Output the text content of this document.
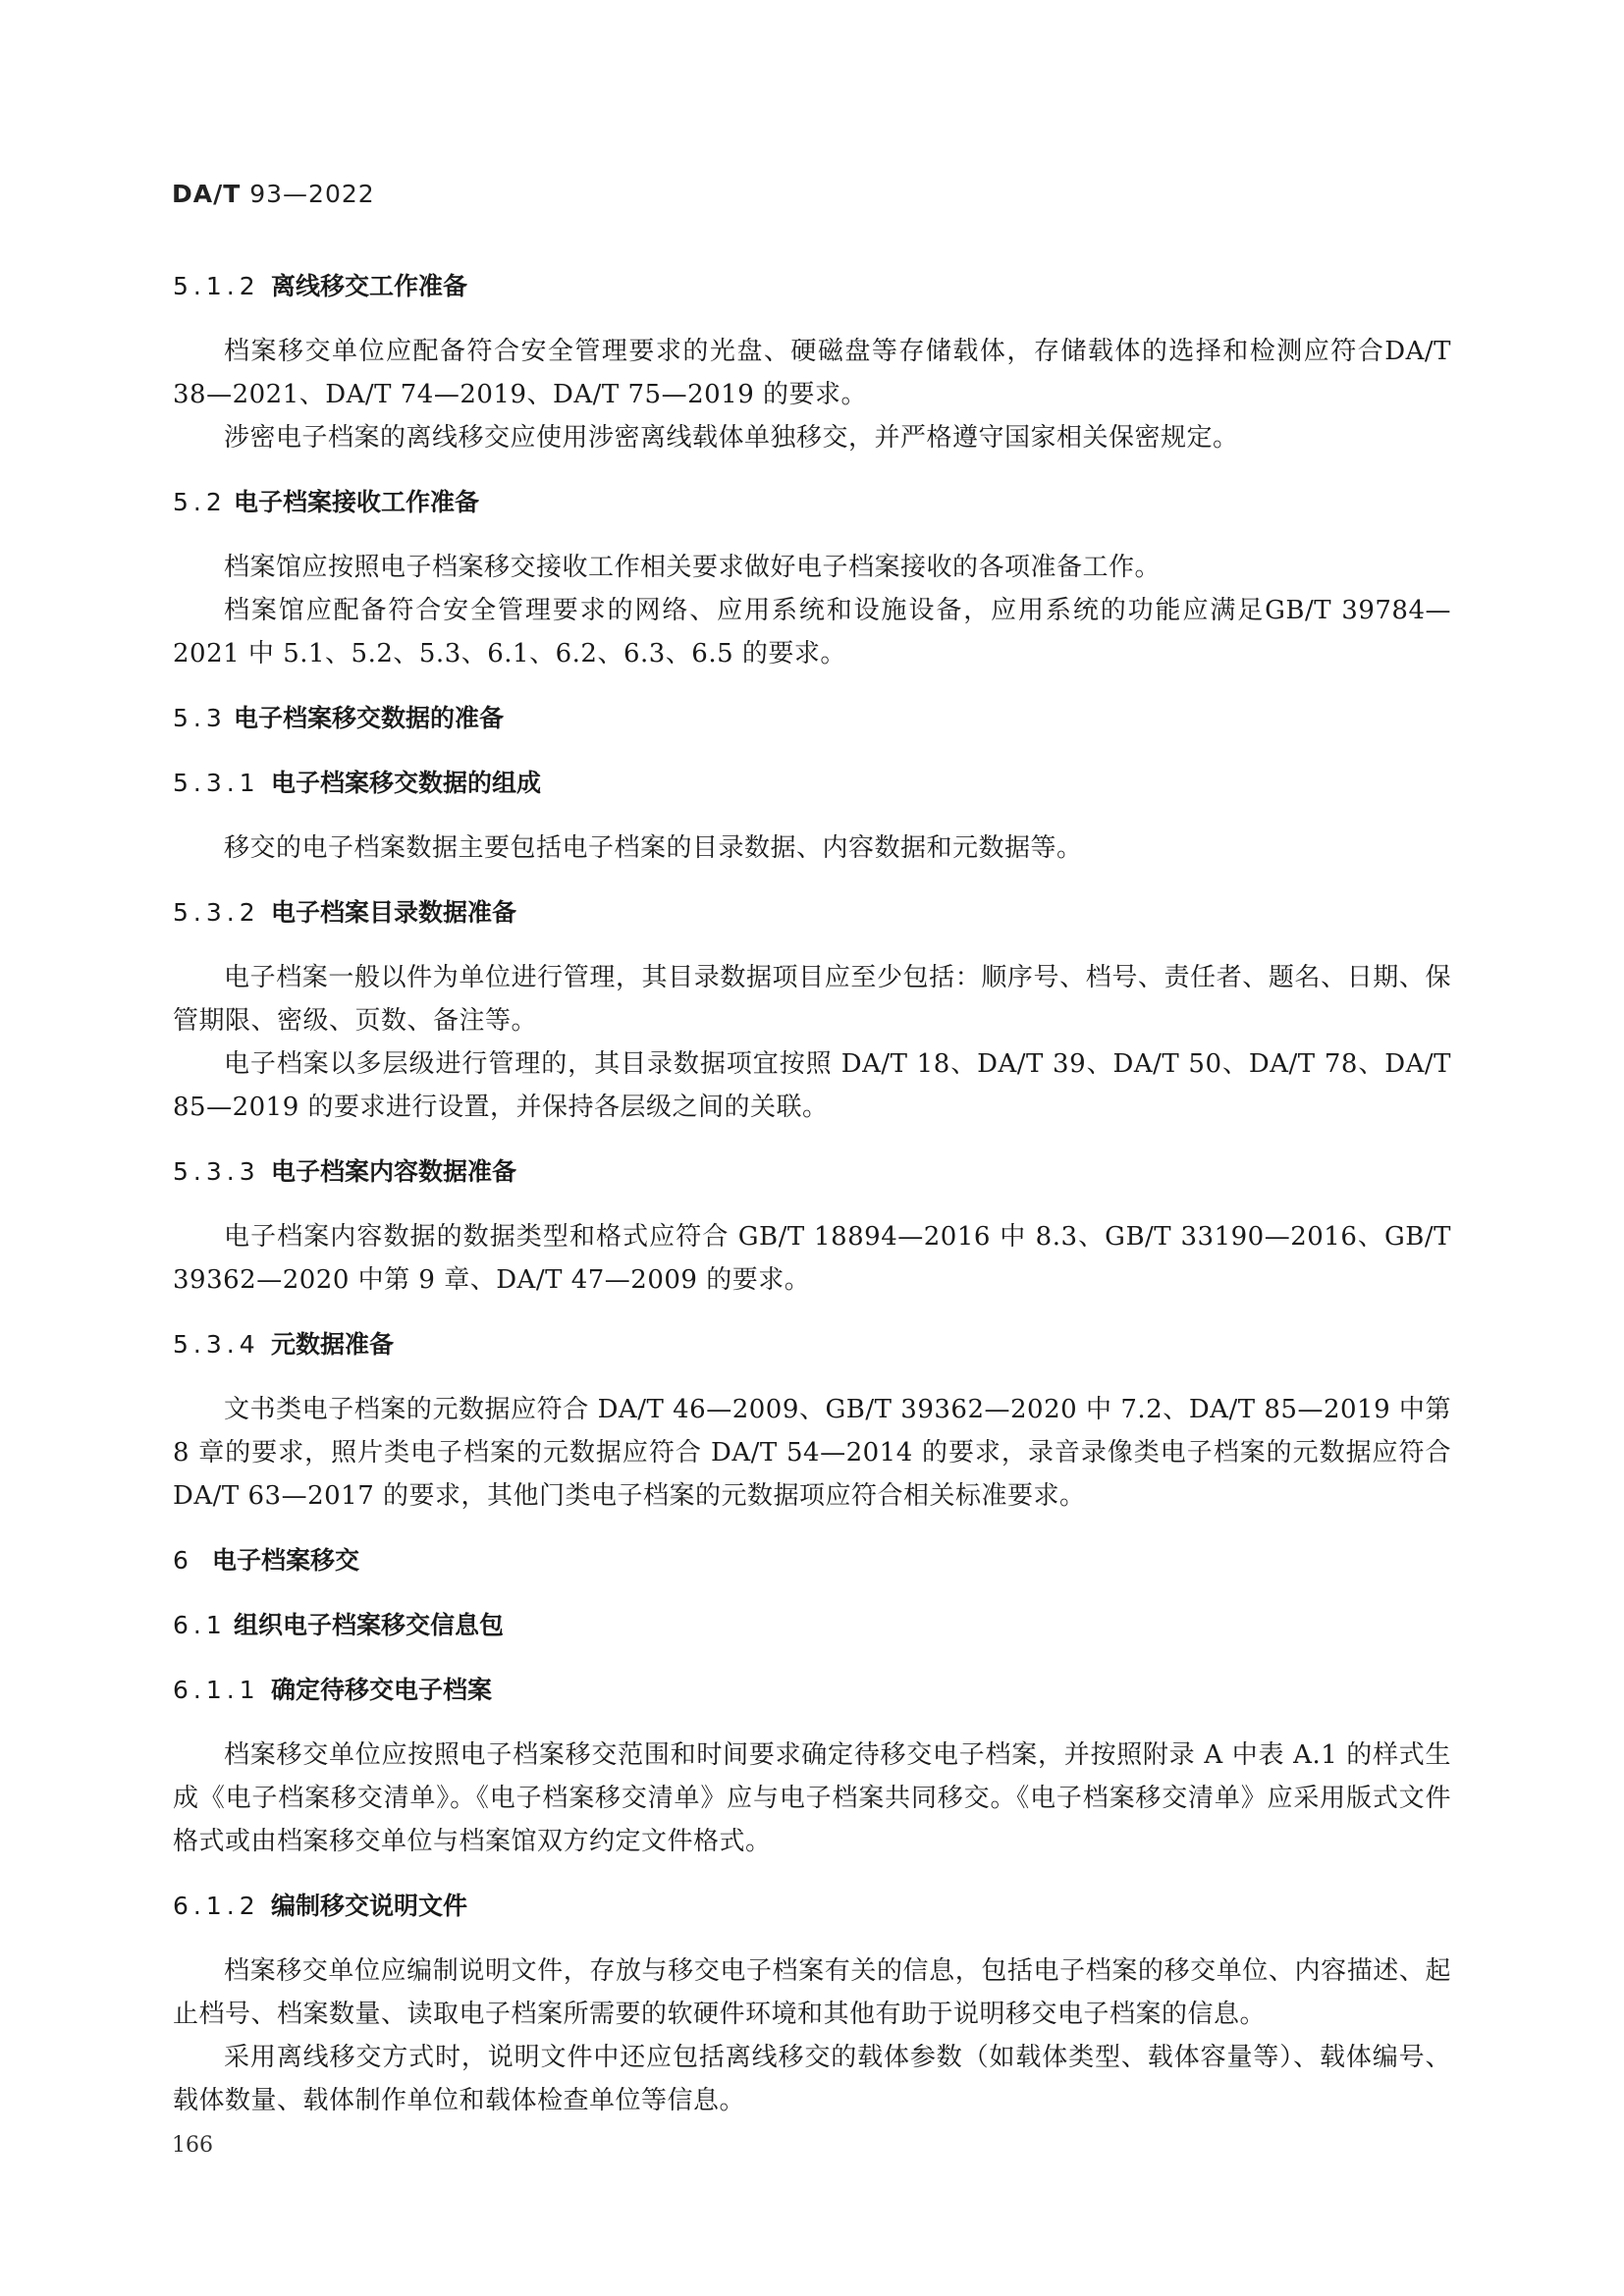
DA/T 93—2022
5.1.2 离线移交工作准备

档案移交单位应配备符合安全管理要求的光盘、硬磁盘等存储载体，存储载体的选择和检测应符合DA/T 38—2021、DA/T 74—2019、DA/T 75—2019 的要求。

涉密电子档案的离线移交应使用涉密离线载体单独移交，并严格遵守国家相关保密规定。

5.2 电子档案接收工作准备

档案馆应按照电子档案移交接收工作相关要求做好电子档案接收的各项准备工作。

档案馆应配备符合安全管理要求的网络、应用系统和设施设备，应用系统的功能应满足GB/T 39784—2021 中 5.1、5.2、5.3、6.1、6.2、6.3、6.5 的要求。

5.3 电子档案移交数据的准备
5.3.1 电子档案移交数据的组成

移交的电子档案数据主要包括电子档案的目录数据、内容数据和元数据等。

5.3.2 电子档案目录数据准备

电子档案一般以件为单位进行管理，其目录数据项目应至少包括：顺序号、档号、责任者、题名、日期、保管期限、密级、页数、备注等。

电子档案以多层级进行管理的，其目录数据项宜按照 DA/T 18、DA/T 39、DA/T 50、DA/T 78、DA/T 85—2019 的要求进行设置，并保持各层级之间的关联。

5.3.3 电子档案内容数据准备

电子档案内容数据的数据类型和格式应符合 GB/T 18894—2016 中 8.3、GB/T 33190—2016、GB/T 39362—2020 中第 9 章、DA/T 47—2009 的要求。

5.3.4 元数据准备

文书类电子档案的元数据应符合 DA/T 46—2009、GB/T 39362—2020 中 7.2、DA/T 85—2019 中第 8 章的要求，照片类电子档案的元数据应符合 DA/T 54—2014 的要求，录音录像类电子档案的元数据应符合 DA/T 63—2017 的要求，其他门类电子档案的元数据项应符合相关标准要求。

6 电子档案移交
6.1 组织电子档案移交信息包
6.1.1 确定待移交电子档案

档案移交单位应按照电子档案移交范围和时间要求确定待移交电子档案，并按照附录 A 中表 A.1 的样式生成《电子档案移交清单》。《电子档案移交清单》应与电子档案共同移交。《电子档案移交清单》应采用版式文件格式或由档案移交单位与档案馆双方约定文件格式。

6.1.2 编制移交说明文件

档案移交单位应编制说明文件，存放与移交电子档案有关的信息，包括电子档案的移交单位、内容描述、起止档号、档案数量、读取电子档案所需要的软硬件环境和其他有助于说明移交电子档案的信息。

采用离线移交方式时，说明文件中还应包括离线移交的载体参数（如载体类型、载体容量等）、载体编号、载体数量、载体制作单位和载体检查单位等信息。

166
